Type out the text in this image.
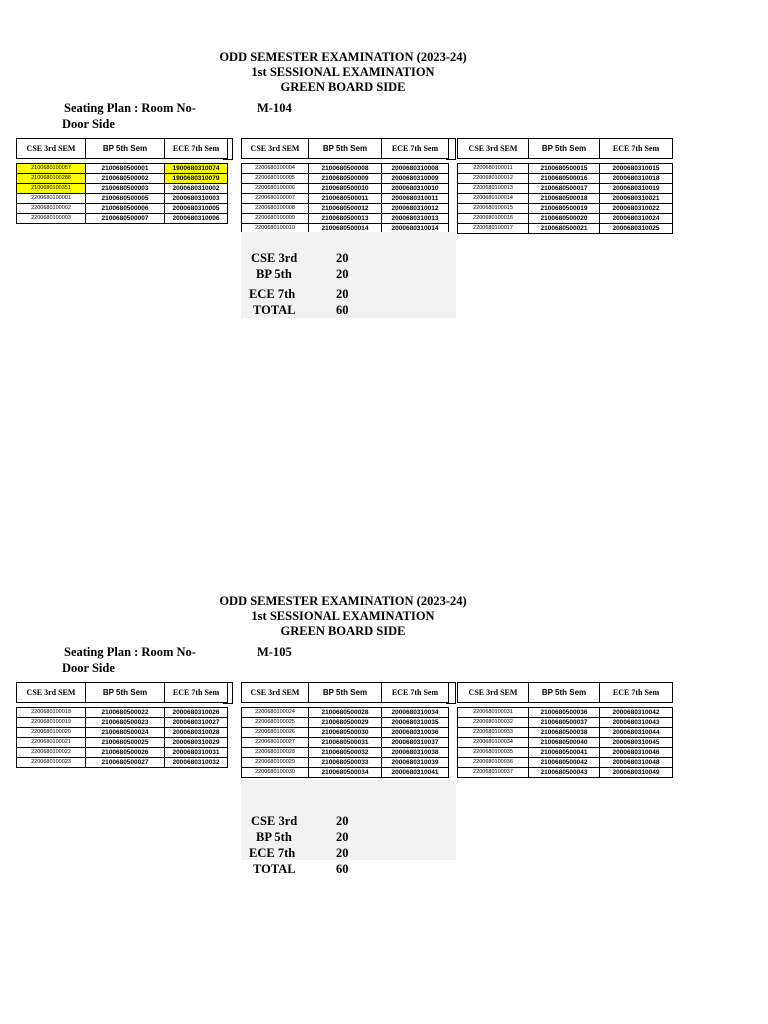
ODD SEMESTER EXAMINATION (2023-24)
1st SESSIONAL EXAMINATION
GREEN BOARD SIDE
Seating Plan : Room No-	M-104
Door Side
CSE 3rd SEM	BP 5th Sem	ECE 7th Sem

2100680100057	2100680500001	1900680310074
2100680100288	2100680500002	1900680310079
2100680100351	2100680500003	2000680310002
2200680100001	2100680500005	2000680310003
2200680100002	2100680500006	2000680310005
2200680100003	2100680500007	2000680310006
CSE 3rd SEM	BP 5th Sem	ECE 7th Sem

2200680100004	2100680500008	2000680310008
2200680100005	2100680500009	2000680310009
2200680100006	2100680500010	2000680310010
2200680100007	2100680500011	2000680310011
2200680100008	2100680500012	2000680310012
2200680100009	2100680500013	2000680310013
2200680100010	2100680500014	2000680310014
CSE 3rd SEM	BP 5th Sem	ECE 7th Sem

2200680100011	2100680500015	2000680310015
2200680100012	2100680500016	2000680310018
2200680100013	2100680500017	2000680310019
2200680100014	2100680500018	2000680310021
2200680100015	2100680500019	2000680310022
2200680100016	2100680500020	2000680310024
2200680100017	2100680500021	2000680310025
CSE 3rd	20
BP 5th	20
ECE 7th	20
TOTAL	60
ODD SEMESTER EXAMINATION (2023-24)
1st SESSIONAL EXAMINATION
GREEN BOARD SIDE
Seating Plan : Room No-	M-105
Door Side
CSE 3rd SEM	BP 5th Sem	ECE 7th Sem

2200680100018	2100680500022	2000680310026
2200680100019	2100680500023	2000680310027
2200680100020	2100680500024	2000680310028
2200680100021	2100680500025	2000680310029
2200680100022	2100680500026	2000680310031
2200680100023	2100680500027	2000680310032
CSE 3rd SEM	BP 5th Sem	ECE 7th Sem

2200680100024	2100680500028	2000680310034
2200680100025	2100680500029	2000680310035
2200680100026	2100680500030	2000680310036
2200680100027	2100680500031	2000680310037
2200680100028	2100680500032	2000680310038
2200680100029	2100680500033	2000680310039
2200680100030	2100680500034	2000680310041
CSE 3rd SEM	BP 5th Sem	ECE 7th Sem

2200680100031	2100680500036	2000680310042
2200680100032	2100680500037	2000680310043
2200680100033	2100680500038	2000680310044
2200680100034	2100680500040	2000680310045
2200680100035	2100680500041	2000680310046
2200680100036	2100680500042	2000680310048
2200680100037	2100680500043	2000680310049
CSE 3rd	20
BP 5th	20
ECE 7th	20
TOTAL	60
